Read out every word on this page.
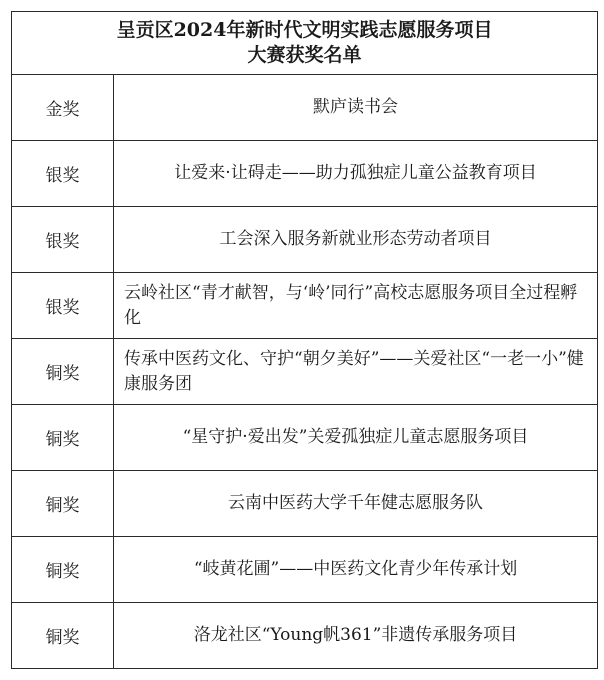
呈贡区2024年新时代文明实践志愿服务项目
大赛获奖名单	

金奖	默庐读书会
银奖	让爱来·让碍走——助力孤独症儿童公益教育项目
银奖	工会深入服务新就业形态劳动者项目
银奖	云岭社区“青才献智，与‘岭’同行”高校志愿服务项目全过程孵化
铜奖	传承中医药文化、守护“朝夕美好”——关爱社区“一老一小”健康服务团
铜奖	“星守护·爱出发”关爱孤独症儿童志愿服务项目
铜奖	云南中医药大学千年健志愿服务队
铜奖	“岐黄花圃”——中医药文化青少年传承计划
铜奖	洛龙社区“Young帆361”非遗传承服务项目
